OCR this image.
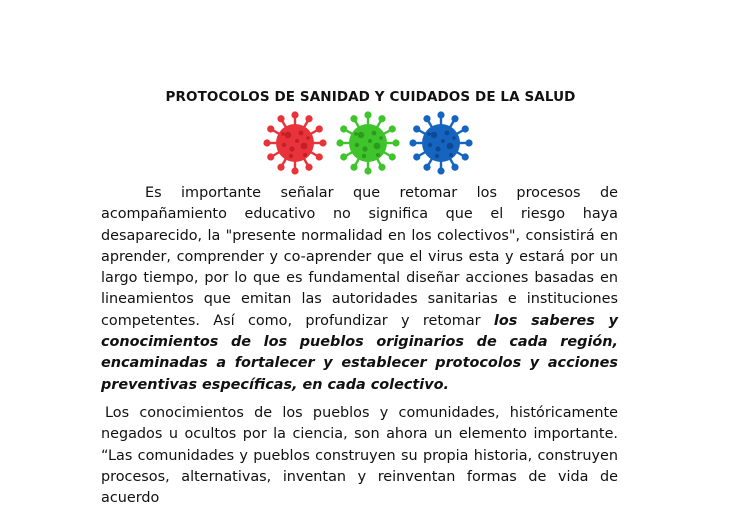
PROTOCOLOS DE SANIDAD Y CUIDADOS DE LA SALUD

Es importante señalar que retomar los procesos de acompañamiento educativo no significa que el riesgo haya desaparecido, la "presente normalidad en los colectivos", consistirá en aprender, comprender y co-aprender que el virus esta y estará por un largo tiempo, por lo que es fundamental diseñar acciones basadas en lineamientos que emitan las autoridades sanitarias e instituciones competentes. Así como, profundizar y retomar los saberes y conocimientos de los pueblos originarios de cada región, encaminadas a fortalecer y establecer protocolos y acciones preventivas específicas, en cada colectivo.

Los conocimientos de los pueblos y comunidades, históricamente negados u ocultos por la ciencia, son ahora un elemento importante. “Las comunidades y pueblos construyen su propia historia, construyen procesos, alternativas, inventan y reinventan formas de vida de acuerdo
